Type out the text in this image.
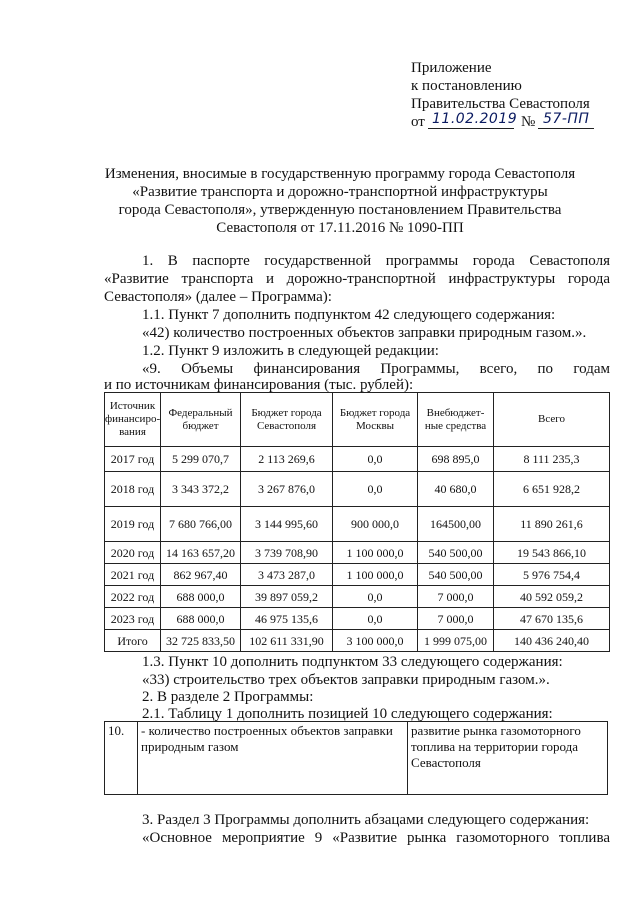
Приложение
к постановлению
Правительства Севастополя
от 11.02.2019 № 57-ПП
Изменения, вносимые в государственную программу города Севастополя
«Развитие транспорта и дорожно-транспортной инфраструктуры
города Севастополя», утвержденную постановлением Правительства
Севастополя от 17.11.2016 № 1090-ПП
1. В паспорте государственной программы города Севастополя
«Развитие транспорта и дорожно-транспортной инфраструктуры города
Севастополя» (далее – Программа):
1.1. Пункт 7 дополнить подпунктом 42 следующего содержания:
«42) количество построенных объектов заправки природным газом.».
1.2. Пункт 9 изложить в следующей редакции:
«9. Объемы финансирования Программы, всего, по годам
и по источникам финансирования (тыс. рублей):
Источник финансиро-вания	Федеральный бюджет	Бюджет города Севастополя	Бюджет города Москвы	Внебюджет-ные средства	Всего
2017 год	5 299 070,7	2 113 269,6	0,0	698 895,0	8 111 235,3
2018 год	3 343 372,2	3 267 876,0	0,0	40 680,0	6 651 928,2
2019 год	7 680 766,00	3 144 995,60	900 000,0	164500,00	11 890 261,6
2020 год	14 163 657,20	3 739 708,90	1 100 000,0	540 500,00	19 543 866,10
2021 год	862 967,40	3 473 287,0	1 100 000,0	540 500,00	5 976 754,4
2022 год	688 000,0	39 897 059,2	0,0	7 000,0	40 592 059,2
2023 год	688 000,0	46 975 135,6	0,0	7 000,0	47 670 135,6
Итого	32 725 833,50	102 611 331,90	3 100 000,0	1 999 075,00	140 436 240,40
1.3. Пункт 10 дополнить подпунктом 33 следующего содержания:
«33) строительство трех объектов заправки природным газом.».
2. В разделе 2 Программы:
2.1. Таблицу 1 дополнить позицией 10 следующего содержания:
10.	- количество построенных объектов заправки природным газом	развитие рынка газомоторного топлива на территории города Севастополя
3. Раздел 3 Программы дополнить абзацами следующего содержания:
«Основное мероприятие 9 «Развитие рынка газомоторного топлива
